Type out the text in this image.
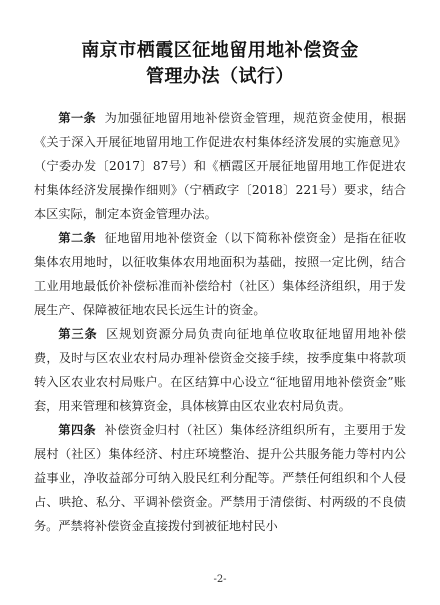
南京市栖霞区征地留用地补偿资金
管理办法（试行）

第一条 为加强征地留用地补偿资金管理，规范资金使用，根据《关于深入开展征地留用地工作促进农村集体经济发展的实施意见》（宁委办发〔2017〕87号）和《栖霞区开展征地留用地工作促进农村集体经济发展操作细则》（宁栖政字〔2018〕221号）要求，结合本区实际，制定本资金管理办法。

第二条 征地留用地补偿资金（以下简称补偿资金）是指在征收集体农用地时，以征收集体农用地面积为基础，按照一定比例，结合工业用地最低价补偿标准而补偿给村（社区）集体经济组织，用于发展生产、保障被征地农民长远生计的资金。

第三条 区规划资源分局负责向征地单位收取征地留用地补偿费，及时与区农业农村局办理补偿资金交接手续，按季度集中将款项转入区农业农村局账户。在区结算中心设立“征地留用地补偿资金”账套，用来管理和核算资金，具体核算由区农业农村局负责。

第四条 补偿资金归村（社区）集体经济组织所有，主要用于发展村（社区）集体经济、村庄环境整治、提升公共服务能力等村内公益事业，净收益部分可纳入股民红利分配等。严禁任何组织和个人侵占、哄抢、私分、平调补偿资金。严禁用于清偿街、村两级的不良债务。严禁将补偿资金直接拨付到被征地村民小

-2-
